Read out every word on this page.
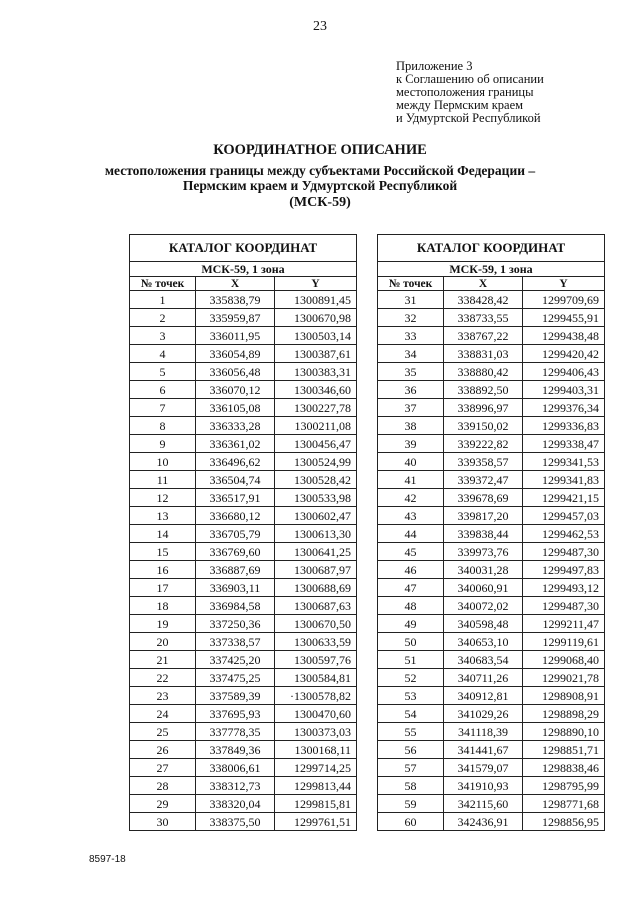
23
Приложение 3
к Соглашению об описании
местоположения границы
между Пермским краем
и Удмуртской Республикой
КООРДИНАТНОЕ ОПИСАНИЕ
местоположения границы между субъектами Российской Федерации –
Пермским краем и Удмуртской Республикой
(МСК-59)
КАТАЛОГ КООРДИНАТ		
МСК-59, 1 зона		
№ точек	X	Y
1	335838,79	1300891,45
2	335959,87	1300670,98
3	336011,95	1300503,14
4	336054,89	1300387,61
5	336056,48	1300383,31
6	336070,12	1300346,60
7	336105,08	1300227,78
8	336333,28	1300211,08
9	336361,02	1300456,47
10	336496,62	1300524,99
11	336504,74	1300528,42
12	336517,91	1300533,98
13	336680,12	1300602,47
14	336705,79	1300613,30
15	336769,60	1300641,25
16	336887,69	1300687,97
17	336903,11	1300688,69
18	336984,58	1300687,63
19	337250,36	1300670,50
20	337338,57	1300633,59
21	337425,20	1300597,76
22	337475,25	1300584,81
23	337589,39	·1300578,82
24	337695,93	1300470,60
25	337778,35	1300373,03
26	337849,36	1300168,11
27	338006,61	1299714,25
28	338312,73	1299813,44
29	338320,04	1299815,81
30	338375,50	1299761,51
КАТАЛОГ КООРДИНАТ		
МСК-59, 1 зона		
№ точек	X	Y
31	338428,42	1299709,69
32	338733,55	1299455,91
33	338767,22	1299438,48
34	338831,03	1299420,42
35	338880,42	1299406,43
36	338892,50	1299403,31
37	338996,97	1299376,34
38	339150,02	1299336,83
39	339222,82	1299338,47
40	339358,57	1299341,53
41	339372,47	1299341,83
42	339678,69	1299421,15
43	339817,20	1299457,03
44	339838,44	1299462,53
45	339973,76	1299487,30
46	340031,28	1299497,83
47	340060,91	1299493,12
48	340072,02	1299487,30
49	340598,48	1299211,47
50	340653,10	1299119,61
51	340683,54	1299068,40
52	340711,26	1299021,78
53	340912,81	1298908,91
54	341029,26	1298898,29
55	341118,39	1298890,10
56	341441,67	1298851,71
57	341579,07	1298838,46
58	341910,93	1298795,99
59	342115,60	1298771,68
60	342436,91	1298856,95
8597-18
